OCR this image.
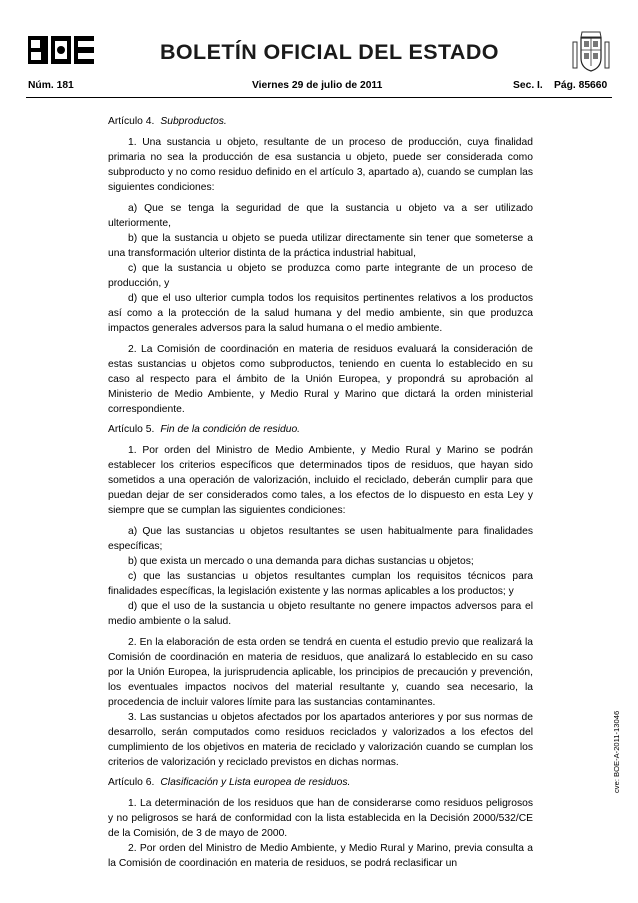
BOLETÍN OFICIAL DEL ESTADO
Núm. 181	Viernes 29 de julio de 2011	Sec. I. Pág. 85660
cve: BOE-A-2011-13046

Artículo 4. Subproductos.

1. Una sustancia u objeto, resultante de un proceso de producción, cuya finalidad primaria no sea la producción de esa sustancia u objeto, puede ser considerada como subproducto y no como residuo definido en el artículo 3, apartado a), cuando se cumplan las siguientes condiciones:

a) Que se tenga la seguridad de que la sustancia u objeto va a ser utilizado ulteriormente,

b) que la sustancia u objeto se pueda utilizar directamente sin tener que someterse a una transformación ulterior distinta de la práctica industrial habitual,

c) que la sustancia u objeto se produzca como parte integrante de un proceso de producción, y

d) que el uso ulterior cumpla todos los requisitos pertinentes relativos a los productos así como a la protección de la salud humana y del medio ambiente, sin que produzca impactos generales adversos para la salud humana o el medio ambiente.

2. La Comisión de coordinación en materia de residuos evaluará la consideración de estas sustancias u objetos como subproductos, teniendo en cuenta lo establecido en su caso al respecto para el ámbito de la Unión Europea, y propondrá su aprobación al Ministerio de Medio Ambiente, y Medio Rural y Marino que dictará la orden ministerial correspondiente.

Artículo 5. Fin de la condición de residuo.

1. Por orden del Ministro de Medio Ambiente, y Medio Rural y Marino se podrán establecer los criterios específicos que determinados tipos de residuos, que hayan sido sometidos a una operación de valorización, incluido el reciclado, deberán cumplir para que puedan dejar de ser considerados como tales, a los efectos de lo dispuesto en esta Ley y siempre que se cumplan las siguientes condiciones:

a) Que las sustancias u objetos resultantes se usen habitualmente para finalidades específicas;

b) que exista un mercado o una demanda para dichas sustancias u objetos;

c) que las sustancias u objetos resultantes cumplan los requisitos técnicos para finalidades específicas, la legislación existente y las normas aplicables a los productos; y

d) que el uso de la sustancia u objeto resultante no genere impactos adversos para el medio ambiente o la salud.

2. En la elaboración de esta orden se tendrá en cuenta el estudio previo que realizará la Comisión de coordinación en materia de residuos, que analizará lo establecido en su caso por la Unión Europea, la jurisprudencia aplicable, los principios de precaución y prevención, los eventuales impactos nocivos del material resultante y, cuando sea necesario, la procedencia de incluir valores límite para las sustancias contaminantes.

3. Las sustancias u objetos afectados por los apartados anteriores y por sus normas de desarrollo, serán computados como residuos reciclados y valorizados a los efectos del cumplimiento de los objetivos en materia de reciclado y valorización cuando se cumplan los criterios de valorización y reciclado previstos en dichas normas.

Artículo 6. Clasificación y Lista europea de residuos.

1. La determinación de los residuos que han de considerarse como residuos peligrosos y no peligrosos se hará de conformidad con la lista establecida en la Decisión 2000/532/CE de la Comisión, de 3 de mayo de 2000.

2. Por orden del Ministro de Medio Ambiente, y Medio Rural y Marino, previa consulta a la Comisión de coordinación en materia de residuos, se podrá reclasificar un
